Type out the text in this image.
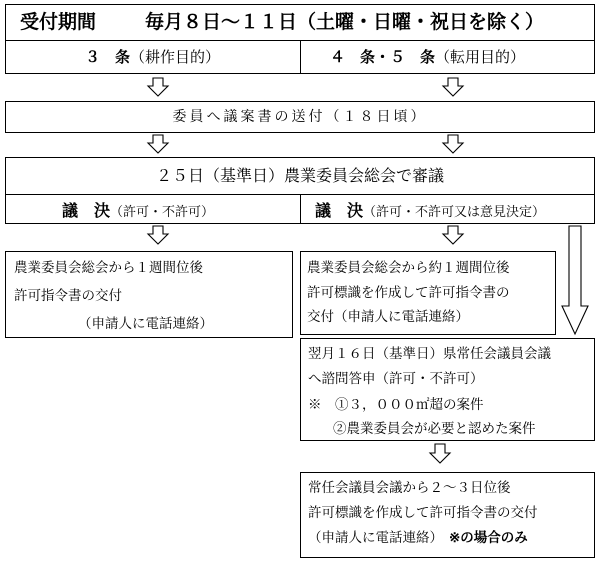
受付期間	毎月８日～１１日（土曜・日曜・祝日を除く）
３　条（耕作目的）	４　条・５　条（転用目的）
委員へ議案書の送付（１８日頃）
２５日（基準日）農業委員会総会で審議
議　決（許可・不許可）	議　決（許可・不許可又は意見決定）
農業委員会総会から１週間位後
許可指令書の交付
（申請人に電話連絡）
農業委員会総会から約１週間位後
許可標識を作成して許可指令書の
交付（申請人に電話連絡）
翌月１６日（基準日）県常任会議員会議
へ諮問答申（許可・不許可）
※　①３，０００㎡超の案件
②農業委員会が必要と認めた案件
常任会議員会議から２～３日位後
許可標識を作成して許可指令書の交付
（申請人に電話連絡） ※の場合のみ
